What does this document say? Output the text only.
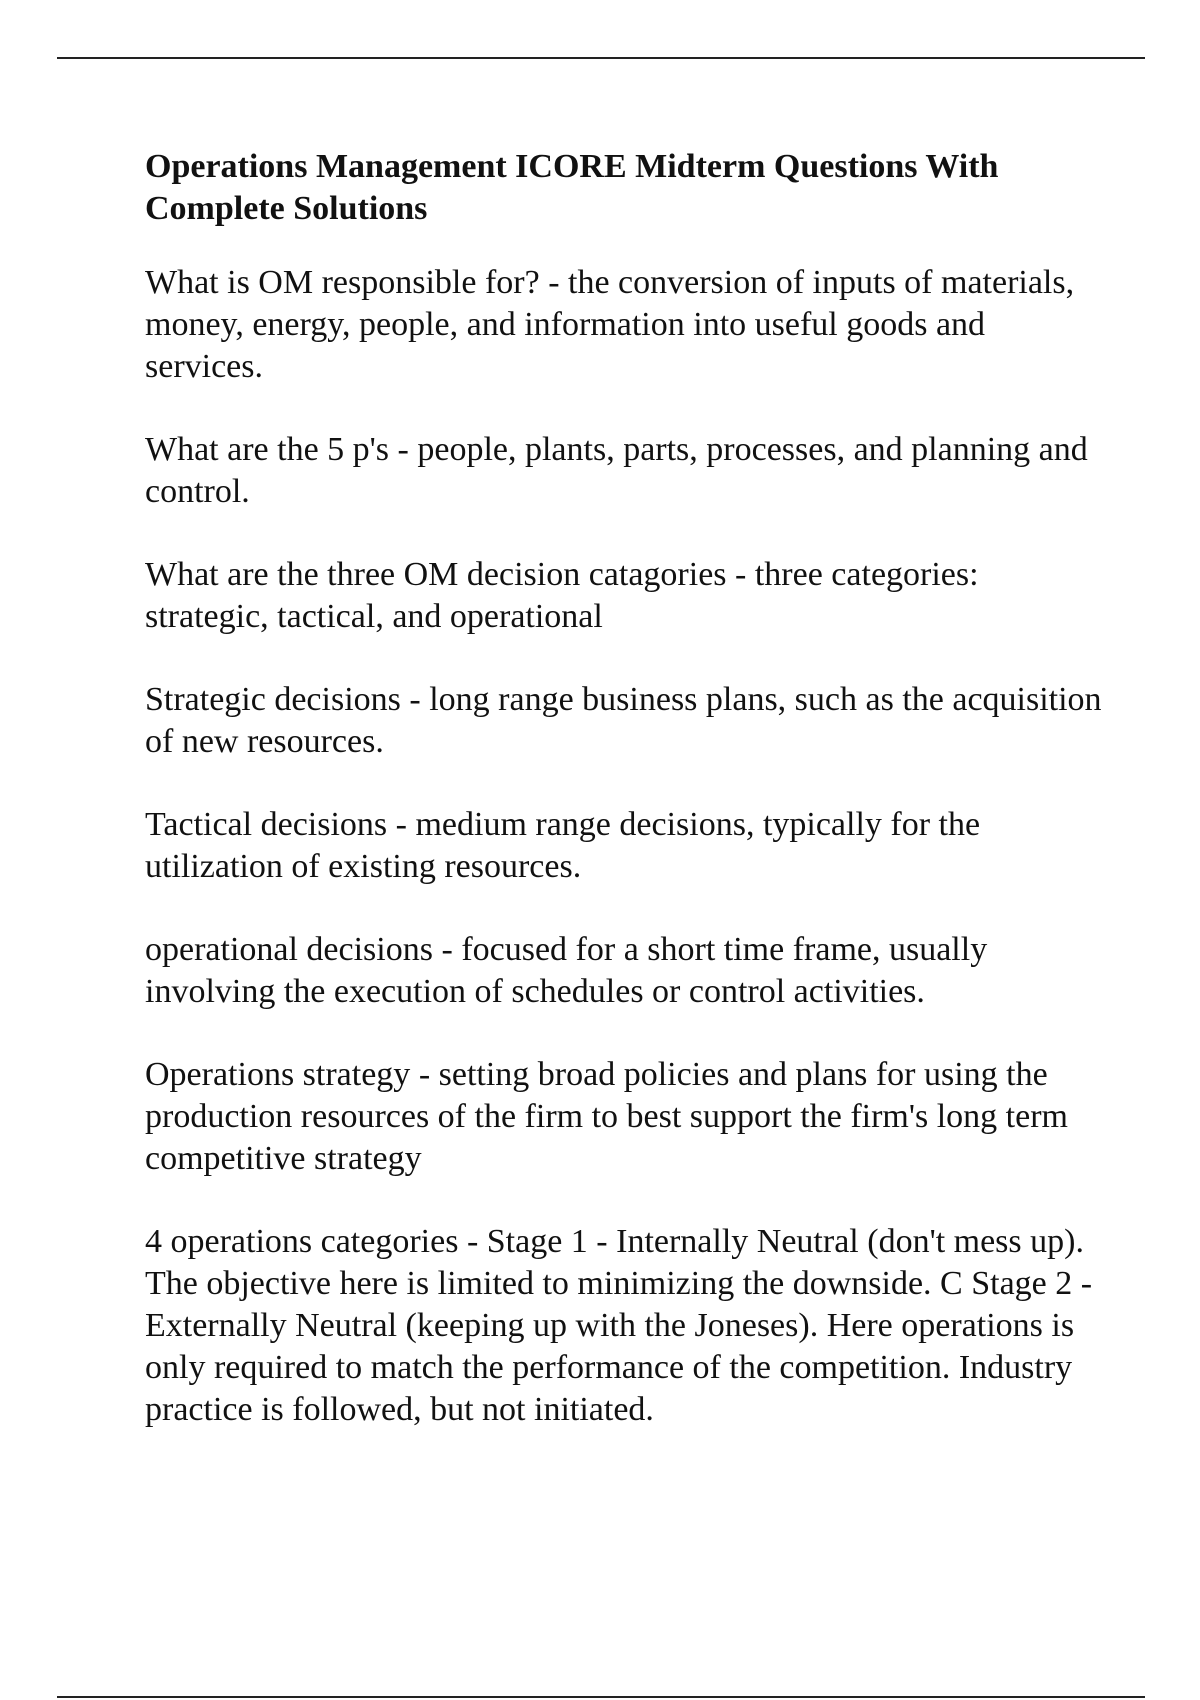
Operations Management ICORE Midterm Questions With Complete Solutions

What is OM responsible for? - the conversion of inputs of materials, money, energy, people, and information into useful goods and services.

What are the 5 p's - people, plants, parts, processes, and planning and control.

What are the three OM decision catagories - three categories: strategic, tactical, and operational

Strategic decisions - long range business plans, such as the acquisition of new resources.

Tactical decisions - medium range decisions, typically for the utilization of existing resources.

operational decisions - focused for a short time frame, usually involving the execution of schedules or control activities.

Operations strategy - setting broad policies and plans for using the production resources of the firm to best support the firm's long term competitive strategy

4 operations categories - Stage 1 - Internally Neutral (don't mess up). The objective here is limited to minimizing the downside. C Stage 2 - Externally Neutral (keeping up with the Joneses). Here operations is only required to match the performance of the competition. Industry practice is followed, but not initiated.
